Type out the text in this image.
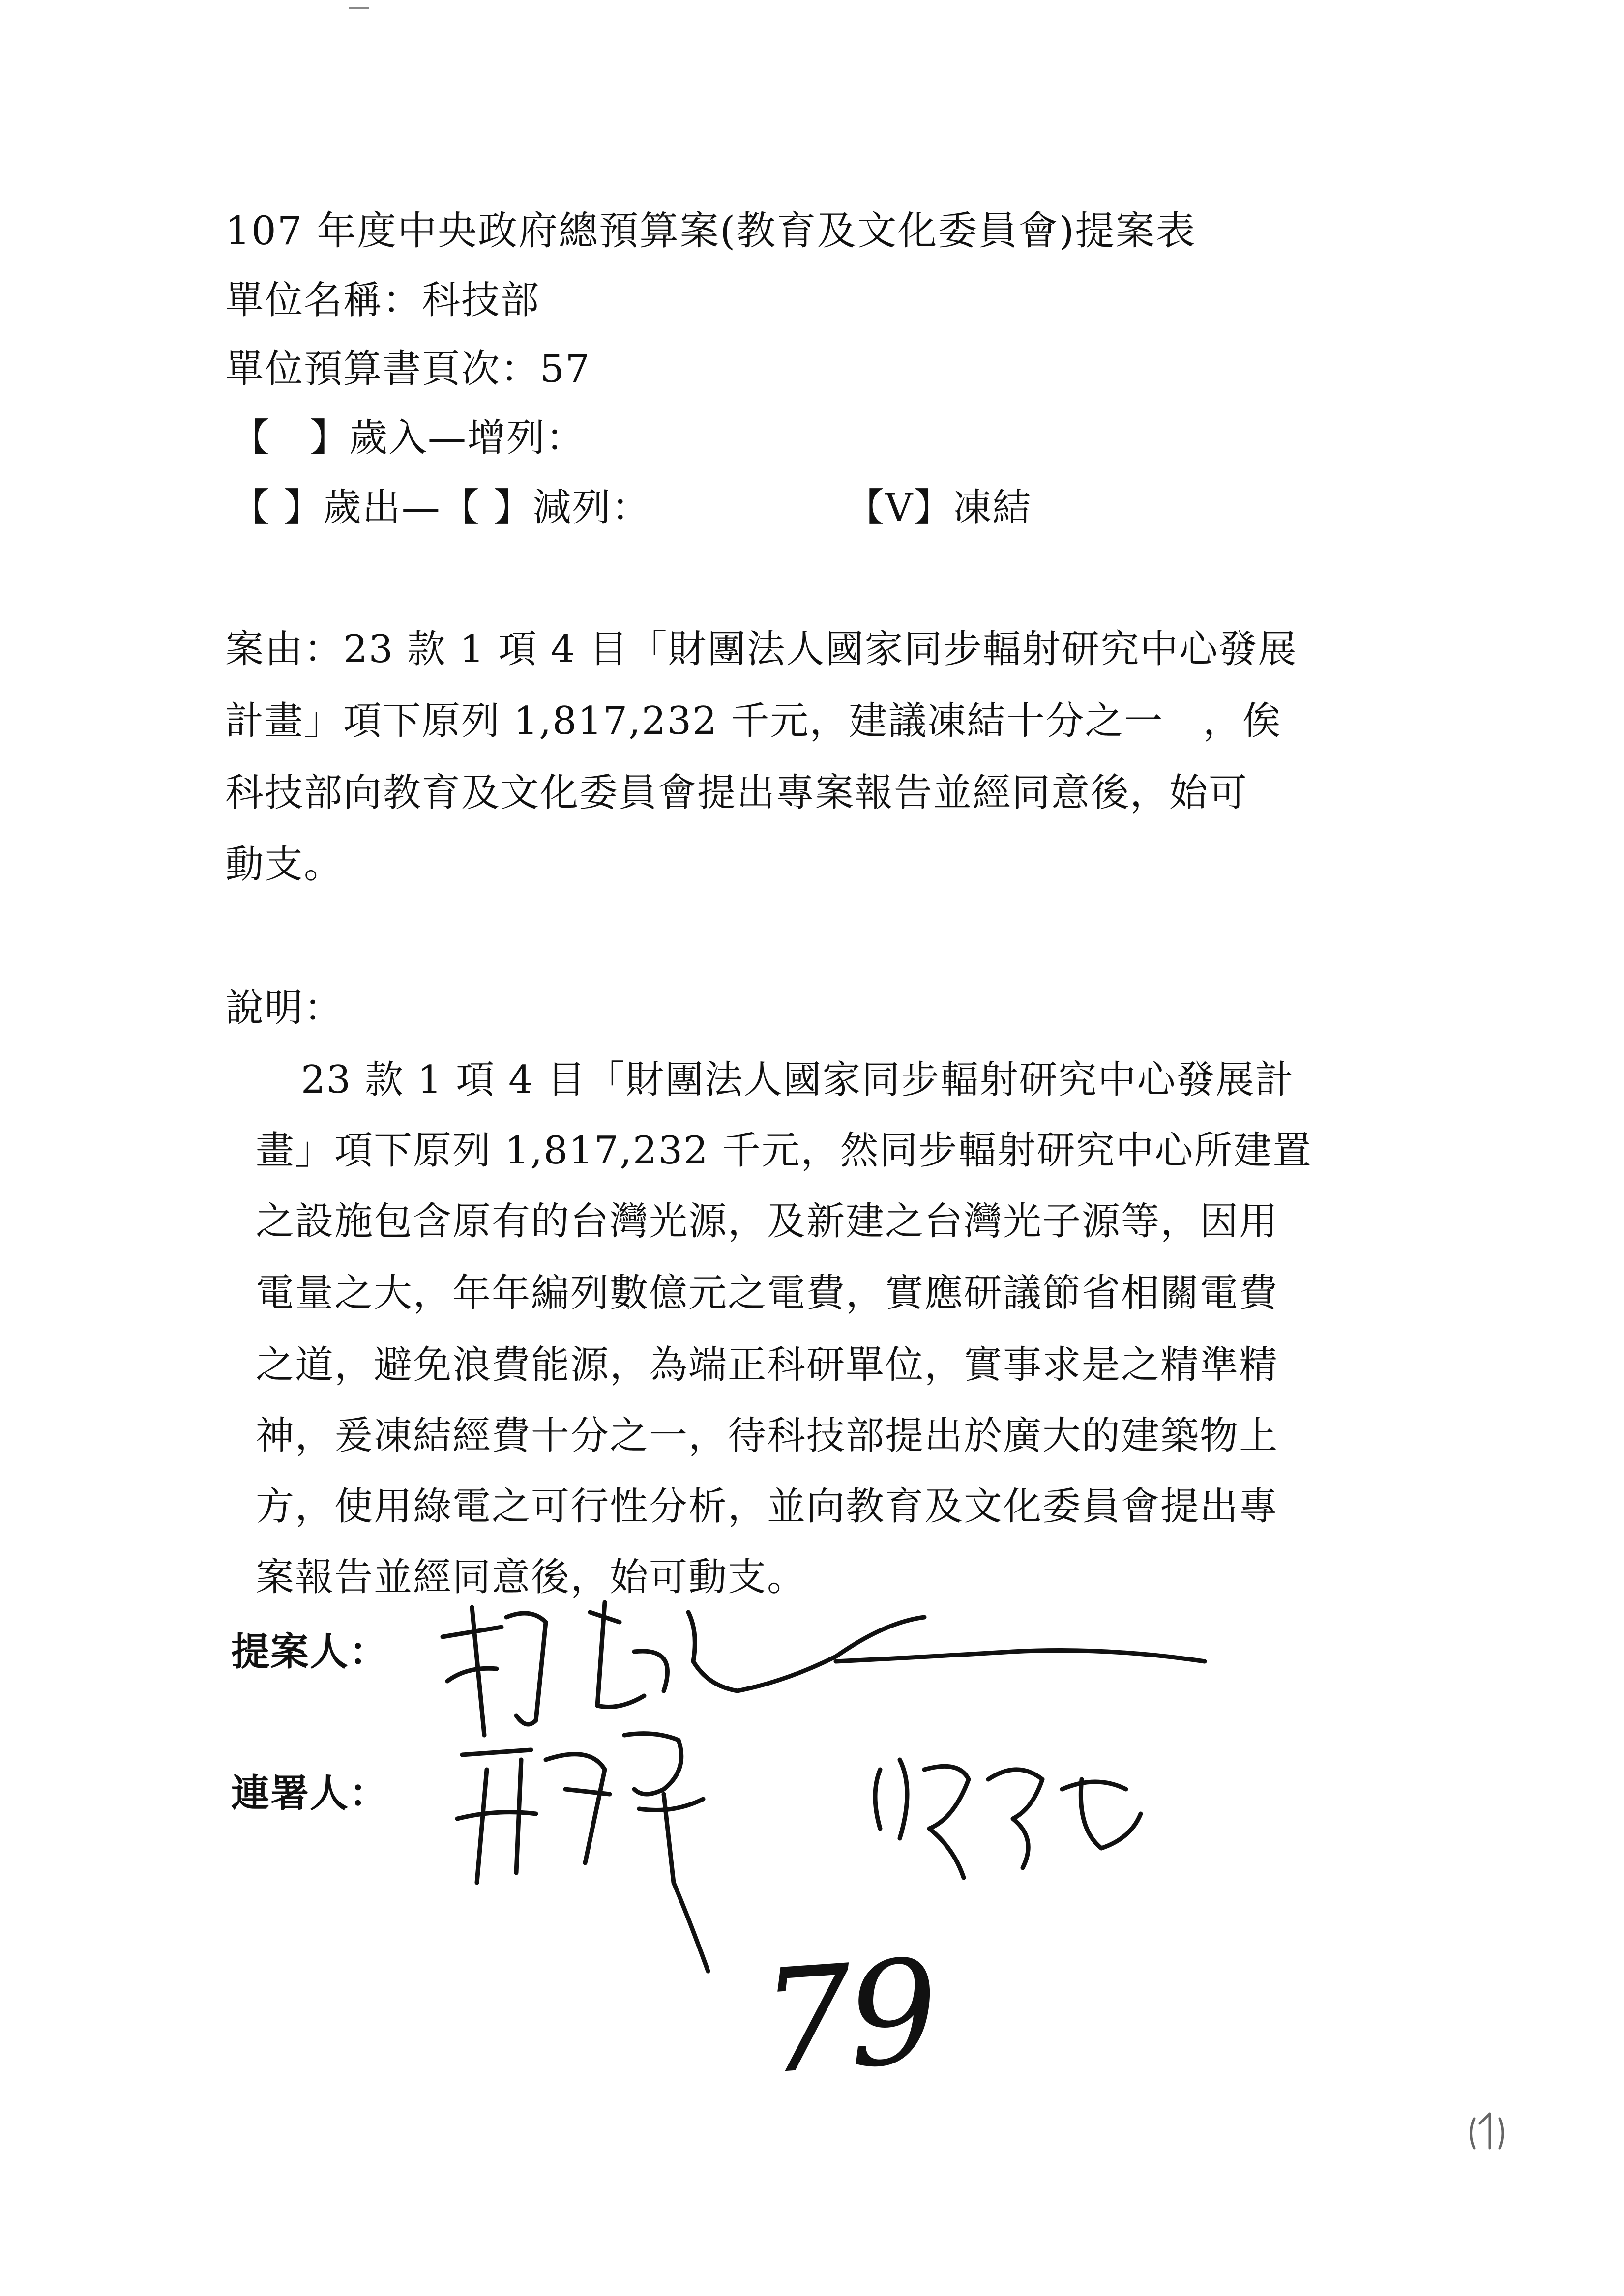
107 年度中央政府總預算案(教育及文化委員會)提案表
單位名稱：科技部
單位預算書頁次：57
【　】歲入—增列：
【 】歲出—【 】減列：	【V】凍結
案由：23 款 1 項 4 目「財團法人國家同步輻射研究中心發展
計畫」項下原列 1,817,232 千元，建議凍結十分之一　，俟
科技部向教育及文化委員會提出專案報告並經同意後，始可
動支。
說明：
23 款 1 項 4 目「財團法人國家同步輻射研究中心發展計
畫」項下原列 1,817,232 千元，然同步輻射研究中心所建置
之設施包含原有的台灣光源，及新建之台灣光子源等，因用
電量之大，年年編列數億元之電費，實應研議節省相關電費
之道，避免浪費能源，為端正科研單位，實事求是之精準精
神，爰凍結經費十分之一，待科技部提出於廣大的建築物上
方，使用綠電之可行性分析，並向教育及文化委員會提出專
案報告並經同意後，始可動支。
提案人：
連署人：
79
